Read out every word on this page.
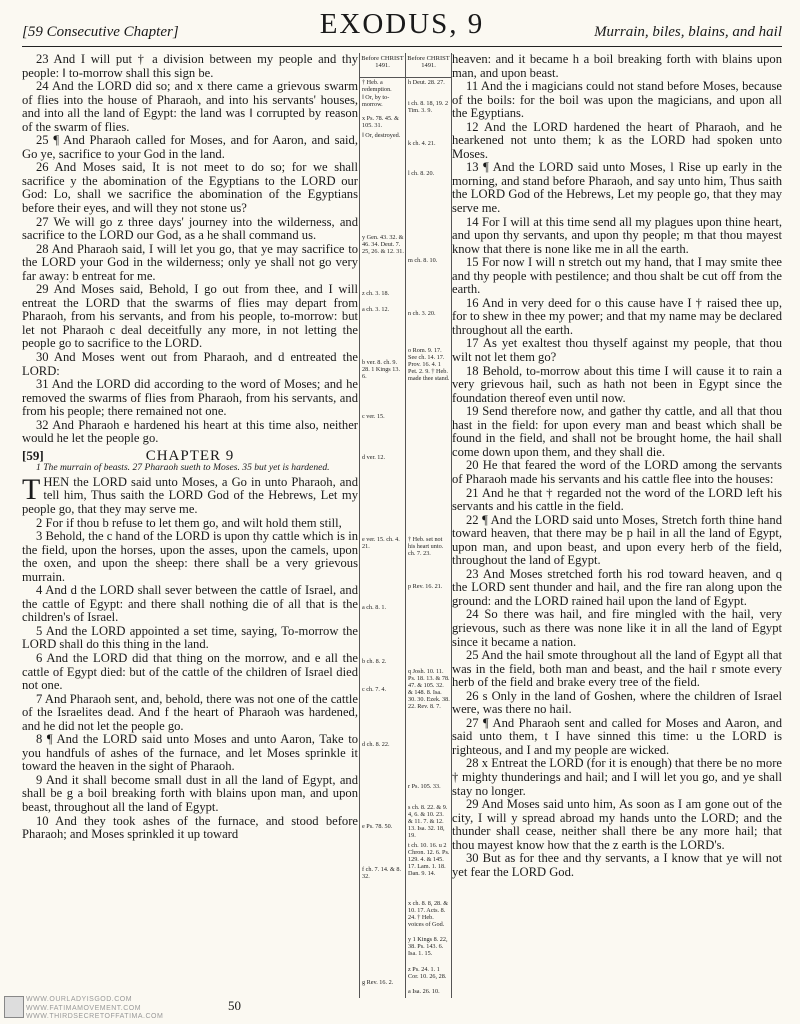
[59 Consecutive Chapter]	EXODUS, 9	Murrain, biles, blains, and hail

23 And I will put † a division between my people and thy people: ‖ to-morrow shall this sign be.

24 And the LORD did so; and x there came a grievous swarm of flies into the house of Pharaoh, and into his servants' houses, and into all the land of Egypt: the land was ‖ corrupted by reason of the swarm of flies.

25 ¶ And Pharaoh called for Moses, and for Aaron, and said, Go ye, sacrifice to your God in the land.

26 And Moses said, It is not meet to do so; for we shall sacrifice y the abomination of the Egyptians to the LORD our God: Lo, shall we sacrifice the abomination of the Egyptians before their eyes, and will they not stone us?

27 We will go z three days' journey into the wilderness, and sacrifice to the LORD our God, as a he shall command us.

28 And Pharaoh said, I will let you go, that ye may sacrifice to the LORD your God in the wilderness; only ye shall not go very far away: b entreat for me.

29 And Moses said, Behold, I go out from thee, and I will entreat the LORD that the swarms of flies may depart from Pharaoh, from his servants, and from his people, to-morrow: but let not Pharaoh c deal deceitfully any more, in not letting the people go to sacrifice to the LORD.

30 And Moses went out from Pharaoh, and d entreated the LORD:

31 And the LORD did according to the word of Moses; and he removed the swarms of flies from Pharaoh, from his servants, and from his people; there remained not one.

32 And Pharaoh e hardened his heart at this time also, neither would he let the people go.

[59]	CHAPTER 9

1 The murrain of beasts. 27 Pharaoh sueth to Moses. 35 but yet is hardened.

THEN the LORD said unto Moses, a Go in unto Pharaoh, and tell him, Thus saith the LORD God of the Hebrews, Let my people go, that they may serve me.

2 For if thou b refuse to let them go, and wilt hold them still,

3 Behold, the c hand of the LORD is upon thy cattle which is in the field, upon the horses, upon the asses, upon the camels, upon the oxen, and upon the sheep: there shall be a very grievous murrain.

4 And d the LORD shall sever between the cattle of Israel, and the cattle of Egypt: and there shall nothing die of all that is the children's of Israel.

5 And the LORD appointed a set time, saying, To-morrow the LORD shall do this thing in the land.

6 And the LORD did that thing on the morrow, and e all the cattle of Egypt died: but of the cattle of the children of Israel died not one.

7 And Pharaoh sent, and, behold, there was not one of the cattle of the Israelites dead. And f the heart of Pharaoh was hardened, and he did not let the people go.

8 ¶ And the LORD said unto Moses and unto Aaron, Take to you handfuls of ashes of the furnace, and let Moses sprinkle it toward the heaven in the sight of Pharaoh.

9 And it shall become small dust in all the land of Egypt, and shall be g a boil breaking forth with blains upon man, and upon beast, throughout all the land of Egypt.

10 And they took ashes of the furnace, and stood before Pharaoh; and Moses sprinkled it up toward

Before CHRIST 1491.
† Heb. a redemption.
‖ Or, by to-morrow.
x Ps. 78. 45. & 105. 31.
‖ Or, destroyed.
y Gen. 43. 32. & 46. 34. Deut. 7. 25, 26. & 12. 31.
z ch. 3. 18.
a ch. 3. 12.
b ver. 8. ch. 9. 28. 1 Kings 13. 6.
c ver. 15.
d ver. 12.
e ver. 15. ch. 4. 21.
a ch. 8. 1.
b ch. 8. 2.
c ch. 7. 4.
d ch. 8. 22.
e Ps. 78. 50.
f ch. 7. 14. & 8. 32.
g Rev. 16. 2.
Before CHRIST 1491.
h Deut. 28. 27.
i ch. 8. 18, 19. 2 Tim. 3. 9.
k ch. 4. 21.
l ch. 8. 20.
m ch. 8. 10.
n ch. 3. 20.
o Rom. 9. 17. See ch. 14. 17. Prov. 16. 4. 1 Pet. 2. 9. † Heb. made thee stand.
† Heb. set not his heart unto. ch. 7. 23.
p Rev. 16. 21.
q Josh. 10. 11. Ps. 18. 13. & 78. 47. & 105. 32. & 148. 8. Isa. 30. 30. Ezek. 38. 22. Rev. 8. 7.
r Ps. 105. 33.
s ch. 8. 22. & 9. 4, 6. & 10. 23. & 11. 7. & 12. 13. Isa. 32. 18, 19.
t ch. 10. 16. u 2 Chron. 12. 6. Ps. 129. 4. & 145. 17. Lam. 1. 18. Dan. 9. 14.
x ch. 8. 8, 28. & 10. 17. Acts. 8. 24. † Heb. voices of God.
y 1 Kings 8. 22, 38. Ps. 143. 6. Isa. 1. 15.
z Ps. 24. 1. 1 Cor. 10. 26, 28.
a Isa. 26. 10.

heaven: and it became h a boil breaking forth with blains upon man, and upon beast.

11 And the i magicians could not stand before Moses, because of the boils: for the boil was upon the magicians, and upon all the Egyptians.

12 And the LORD hardened the heart of Pharaoh, and he hearkened not unto them; k as the LORD had spoken unto Moses.

13 ¶ And the LORD said unto Moses, l Rise up early in the morning, and stand before Pharaoh, and say unto him, Thus saith the LORD God of the Hebrews, Let my people go, that they may serve me.

14 For I will at this time send all my plagues upon thine heart, and upon thy servants, and upon thy people; m that thou mayest know that there is none like me in all the earth.

15 For now I will n stretch out my hand, that I may smite thee and thy people with pestilence; and thou shalt be cut off from the earth.

16 And in very deed for o this cause have I † raised thee up, for to shew in thee my power; and that my name may be declared throughout all the earth.

17 As yet exaltest thou thyself against my people, that thou wilt not let them go?

18 Behold, to-morrow about this time I will cause it to rain a very grievous hail, such as hath not been in Egypt since the foundation thereof even until now.

19 Send therefore now, and gather thy cattle, and all that thou hast in the field: for upon every man and beast which shall be found in the field, and shall not be brought home, the hail shall come down upon them, and they shall die.

20 He that feared the word of the LORD among the servants of Pharaoh made his servants and his cattle flee into the houses:

21 And he that † regarded not the word of the LORD left his servants and his cattle in the field.

22 ¶ And the LORD said unto Moses, Stretch forth thine hand toward heaven, that there may be p hail in all the land of Egypt, upon man, and upon beast, and upon every herb of the field, throughout the land of Egypt.

23 And Moses stretched forth his rod toward heaven, and q the LORD sent thunder and hail, and the fire ran along upon the ground: and the LORD rained hail upon the land of Egypt.

24 So there was hail, and fire mingled with the hail, very grievous, such as there was none like it in all the land of Egypt since it became a nation.

25 And the hail smote throughout all the land of Egypt all that was in the field, both man and beast, and the hail r smote every herb of the field and brake every tree of the field.

26 s Only in the land of Goshen, where the children of Israel were, was there no hail.

27 ¶ And Pharaoh sent and called for Moses and Aaron, and said unto them, t I have sinned this time: u the LORD is righteous, and I and my people are wicked.

28 x Entreat the LORD (for it is enough) that there be no more † mighty thunderings and hail; and I will let you go, and ye shall stay no longer.

29 And Moses said unto him, As soon as I am gone out of the city, I will y spread abroad my hands unto the LORD; and the thunder shall cease, neither shall there be any more hail; that thou mayest know how that the z earth is the LORD's.

30 But as for thee and thy servants, a I know that ye will not yet fear the LORD God.

WWW.OURLADYISGOD.COM
WWW.FATIMAMOVEMENT.COM
WWW.THIRDSECRETOFFATIMA.COM
50
